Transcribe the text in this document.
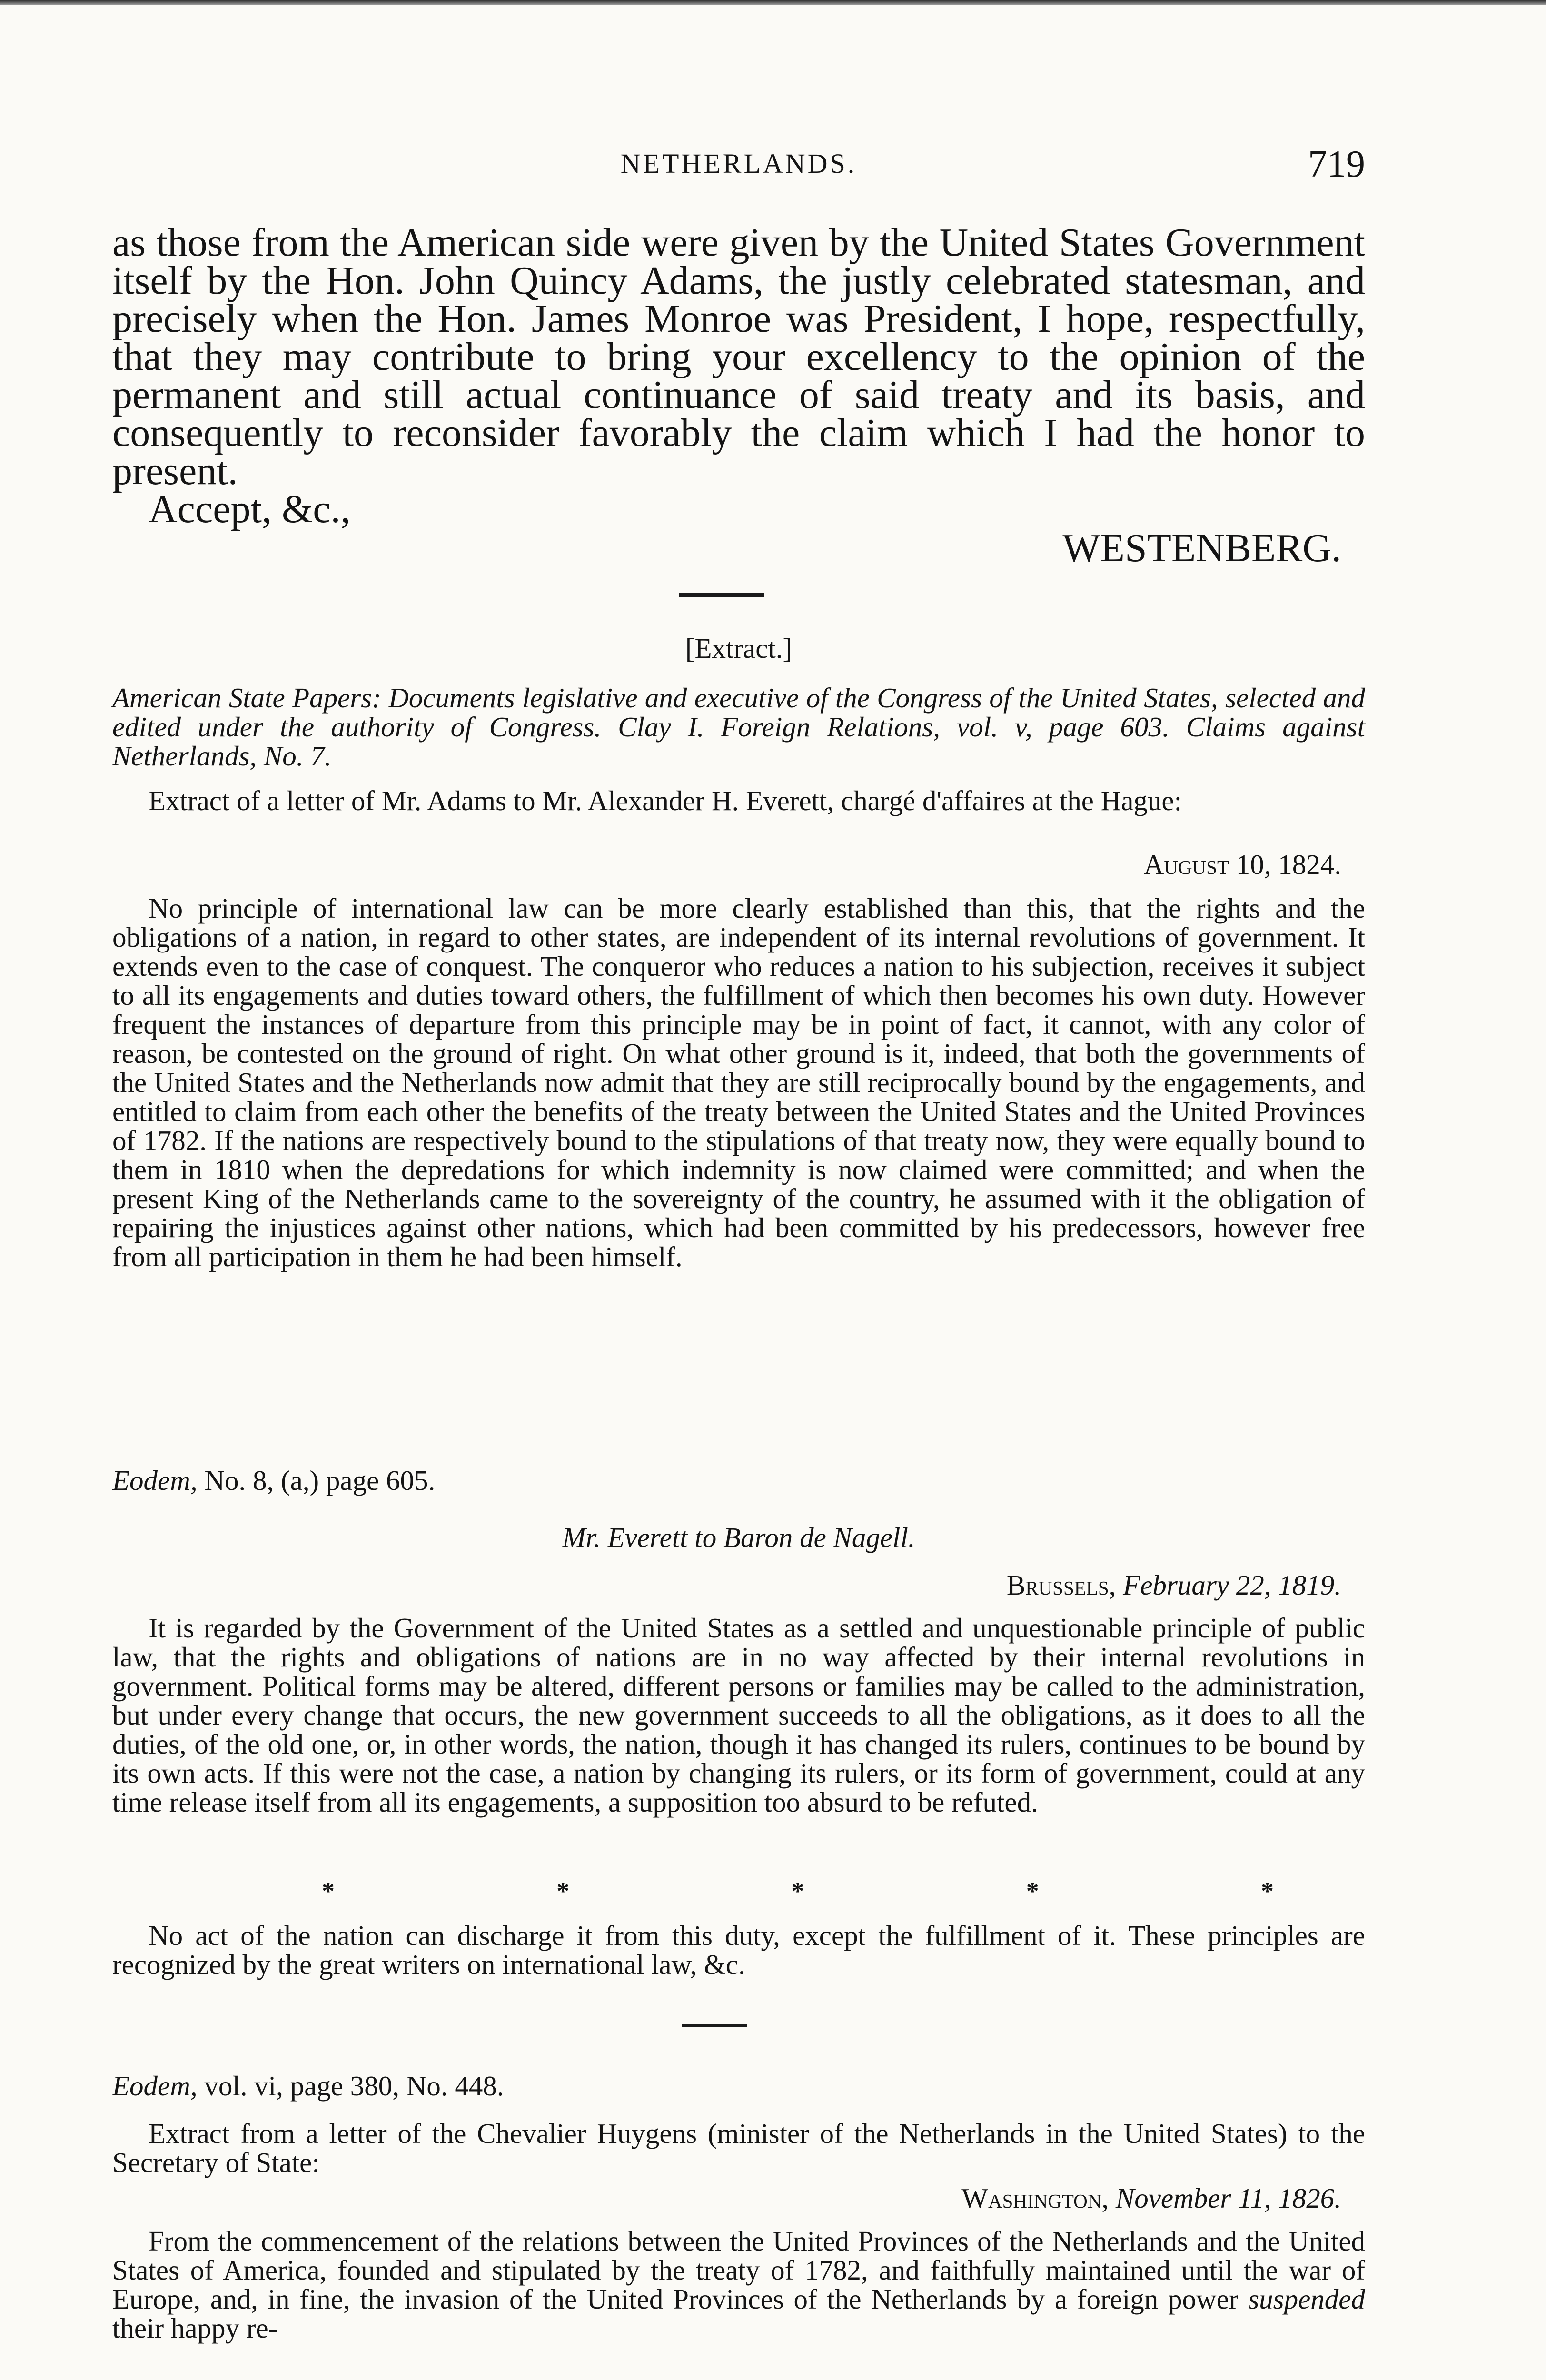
NETHERLANDS.	719

as those from the American side were given by the United States Government itself by the Hon. John Quincy Adams, the justly celebrated statesman, and precisely when the Hon. James Monroe was President, I hope, respectfully, that they may contribute to bring your excellency to the opinion of the permanent and still actual continuance of said treaty and its basis, and consequently to reconsider favorably the claim which I had the honor to present.

Accept, &c.,

WESTENBERG.

[Extract.]

American State Papers: Documents legislative and executive of the Congress of the United States, selected and edited under the authority of Congress. Clay I. Foreign Relations, vol. v, page 603. Claims against Netherlands, No. 7.

Extract of a letter of Mr. Adams to Mr. Alexander H. Everett, chargé d'affaires at the Hague:

August 10, 1824.

No principle of international law can be more clearly established than this, that the rights and the obligations of a nation, in regard to other states, are independent of its internal revolutions of government. It extends even to the case of conquest. The conqueror who reduces a nation to his subjection, receives it subject to all its engagements and duties toward others, the fulfillment of which then becomes his own duty. However frequent the instances of departure from this principle may be in point of fact, it cannot, with any color of reason, be contested on the ground of right. On what other ground is it, indeed, that both the governments of the United States and the Netherlands now admit that they are still reciprocally bound by the engagements, and entitled to claim from each other the benefits of the treaty between the United States and the United Provinces of 1782. If the nations are respectively bound to the stipulations of that treaty now, they were equally bound to them in 1810 when the depredations for which indemnity is now claimed were committed; and when the present King of the Netherlands came to the sovereignty of the country, he assumed with it the obligation of repairing the injustices against other nations, which had been committed by his predecessors, however free from all participation in them he had been himself.

Eodem, No. 8, (a,) page 605.

Mr. Everett to Baron de Nagell.

Brussels, February 22, 1819.

It is regarded by the Government of the United States as a settled and unquestionable principle of public law, that the rights and obligations of nations are in no way affected by their internal revolutions in government. Political forms may be altered, different persons or families may be called to the administration, but under every change that occurs, the new government succeeds to all the obligations, as it does to all the duties, of the old one, or, in other words, the nation, though it has changed its rulers, continues to be bound by its own acts. If this were not the case, a nation by changing its rulers, or its form of government, could at any time release itself from all its engagements, a supposition too absurd to be refuted.

*	*	*	*	*

No act of the nation can discharge it from this duty, except the fulfillment of it. These principles are recognized by the great writers on international law, &c.

Eodem, vol. vi, page 380, No. 448.

Extract from a letter of the Chevalier Huygens (minister of the Netherlands in the United States) to the Secretary of State:

Washington, November 11, 1826.

From the commencement of the relations between the United Provinces of the Netherlands and the United States of America, founded and stipulated by the treaty of 1782, and faithfully maintained until the war of Europe, and, in fine, the invasion of the United Provinces of the Netherlands by a foreign power suspended their happy re-
